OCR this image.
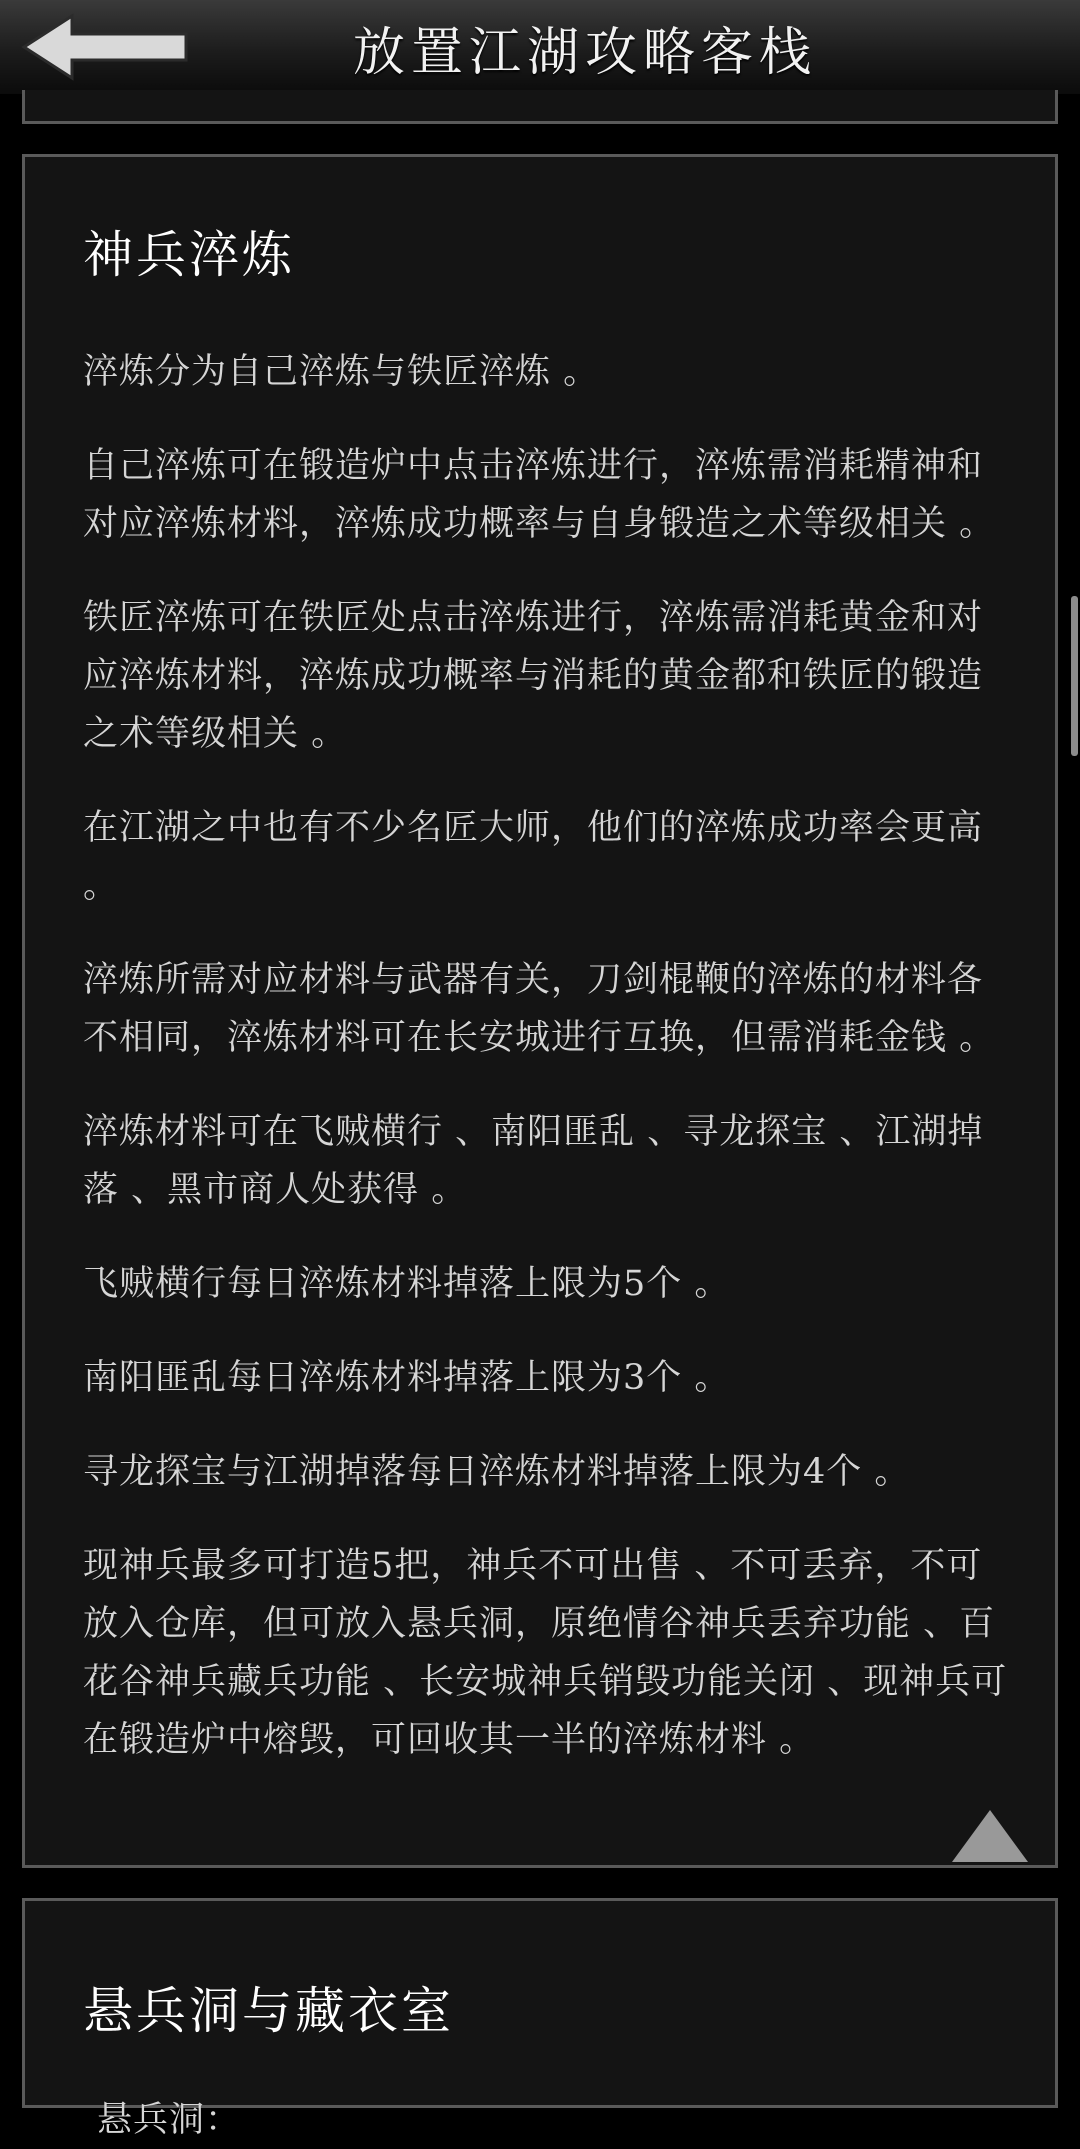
放置江湖攻略客栈
神兵淬炼

淬炼分为自己淬炼与铁匠淬炼 。

自己淬炼可在锻造炉中点击淬炼进行，淬炼需消耗精神和对应淬炼材料，淬炼成功概率与自身锻造之术等级相关 。

铁匠淬炼可在铁匠处点击淬炼进行，淬炼需消耗黄金和对应淬炼材料，淬炼成功概率与消耗的黄金都和铁匠的锻造之术等级相关 。

在江湖之中也有不少名匠大师，他们的淬炼成功率会更高 。

淬炼所需对应材料与武器有关，刀剑棍鞭的淬炼的材料各不相同，淬炼材料可在长安城进行互换，但需消耗金钱 。

淬炼材料可在飞贼横行 、南阳匪乱 、寻龙探宝 、江湖掉落 、黑市商人处获得 。

飞贼横行每日淬炼材料掉落上限为5个 。

南阳匪乱每日淬炼材料掉落上限为3个 。

寻龙探宝与江湖掉落每日淬炼材料掉落上限为4个 。

现神兵最多可打造5把，神兵不可出售 、不可丢弃，不可放入仓库，但可放入悬兵洞，原绝情谷神兵丢弃功能 、百花谷神兵藏兵功能 、长安城神兵销毁功能关闭 、现神兵可在锻造炉中熔毁，可回收其一半的淬炼材料 。

悬兵洞与藏衣室

悬兵洞：
